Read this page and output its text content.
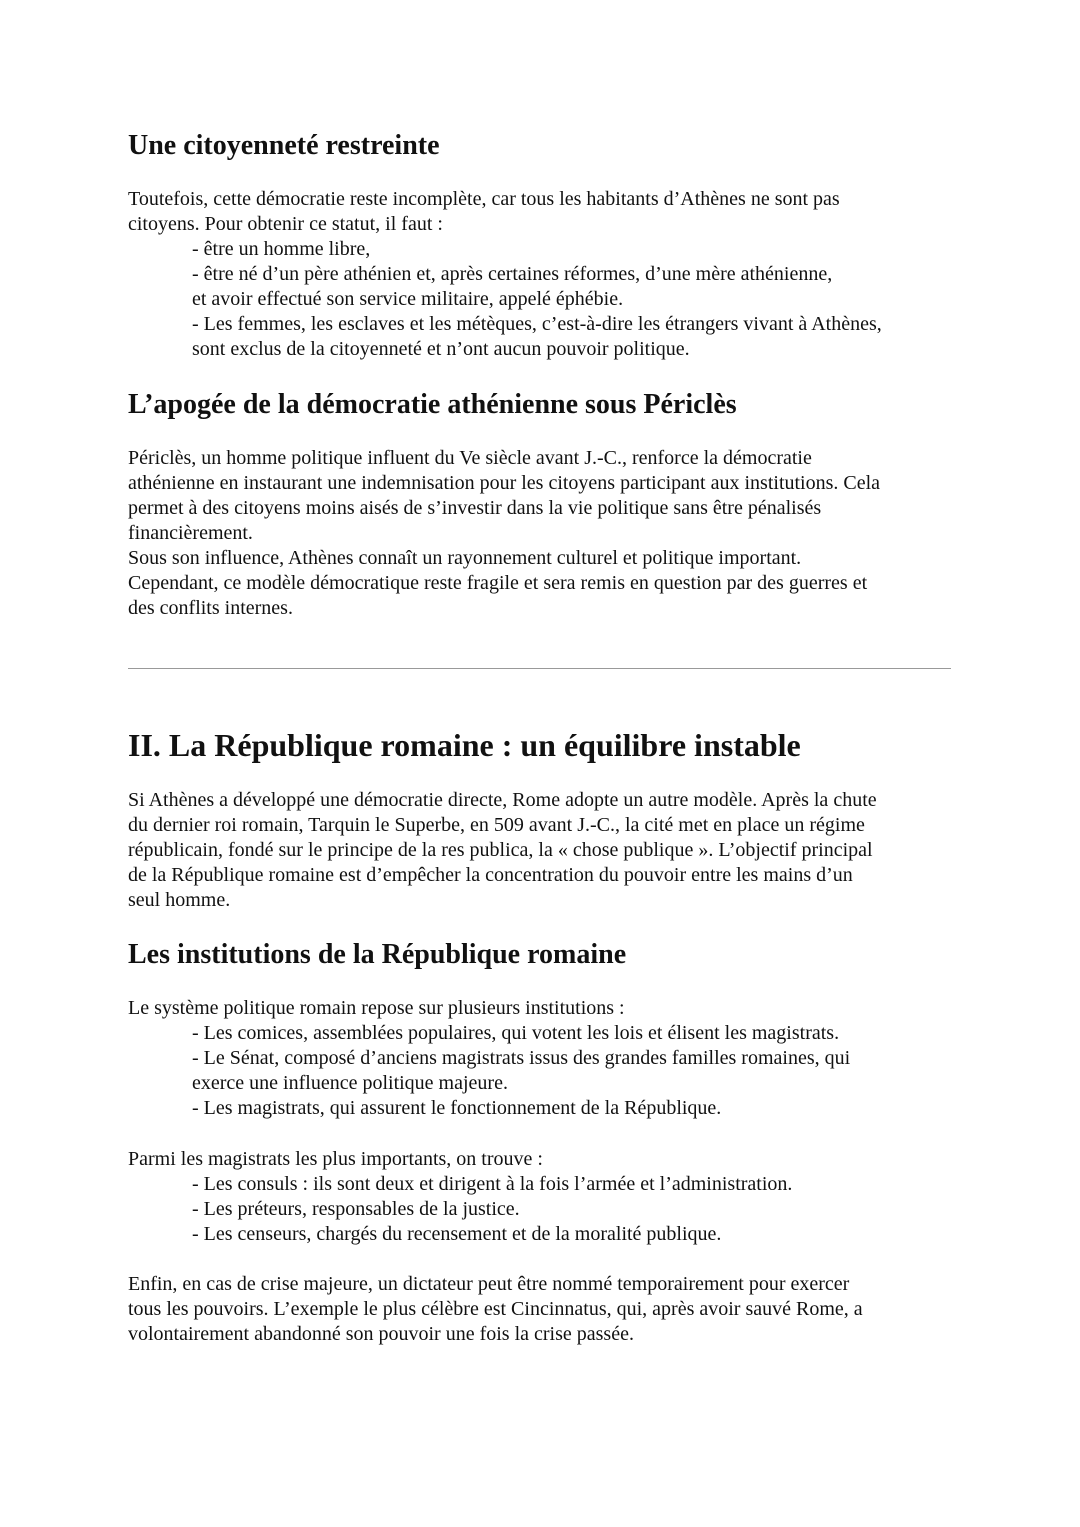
Une citoyenneté restreinte
Toutefois, cette démocratie reste incomplète, car tous les habitants d’Athènes ne sont pas
citoyens. Pour obtenir ce statut, il faut :
- être un homme libre,
- être né d’un père athénien et, après certaines réformes, d’une mère athénienne,
et avoir effectué son service militaire, appelé éphébie.
- Les femmes, les esclaves et les métèques, c’est-à-dire les étrangers vivant à Athènes,
sont exclus de la citoyenneté et n’ont aucun pouvoir politique.
L’apogée de la démocratie athénienne sous Périclès
Périclès, un homme politique influent du Ve siècle avant J.-C., renforce la démocratie
athénienne en instaurant une indemnisation pour les citoyens participant aux institutions. Cela
permet à des citoyens moins aisés de s’investir dans la vie politique sans être pénalisés
financièrement.
Sous son influence, Athènes connaît un rayonnement culturel et politique important.
Cependant, ce modèle démocratique reste fragile et sera remis en question par des guerres et
des conflits internes.
II. La République romaine : un équilibre instable
Si Athènes a développé une démocratie directe, Rome adopte un autre modèle. Après la chute
du dernier roi romain, Tarquin le Superbe, en 509 avant J.-C., la cité met en place un régime
républicain, fondé sur le principe de la res publica, la « chose publique ». L’objectif principal
de la République romaine est d’empêcher la concentration du pouvoir entre les mains d’un
seul homme.
Les institutions de la République romaine
Le système politique romain repose sur plusieurs institutions :
- Les comices, assemblées populaires, qui votent les lois et élisent les magistrats.
- Le Sénat, composé d’anciens magistrats issus des grandes familles romaines, qui
exerce une influence politique majeure.
- Les magistrats, qui assurent le fonctionnement de la République.
Parmi les magistrats les plus importants, on trouve :
- Les consuls : ils sont deux et dirigent à la fois l’armée et l’administration.
- Les préteurs, responsables de la justice.
- Les censeurs, chargés du recensement et de la moralité publique.
Enfin, en cas de crise majeure, un dictateur peut être nommé temporairement pour exercer
tous les pouvoirs. L’exemple le plus célèbre est Cincinnatus, qui, après avoir sauvé Rome, a
volontairement abandonné son pouvoir une fois la crise passée.
